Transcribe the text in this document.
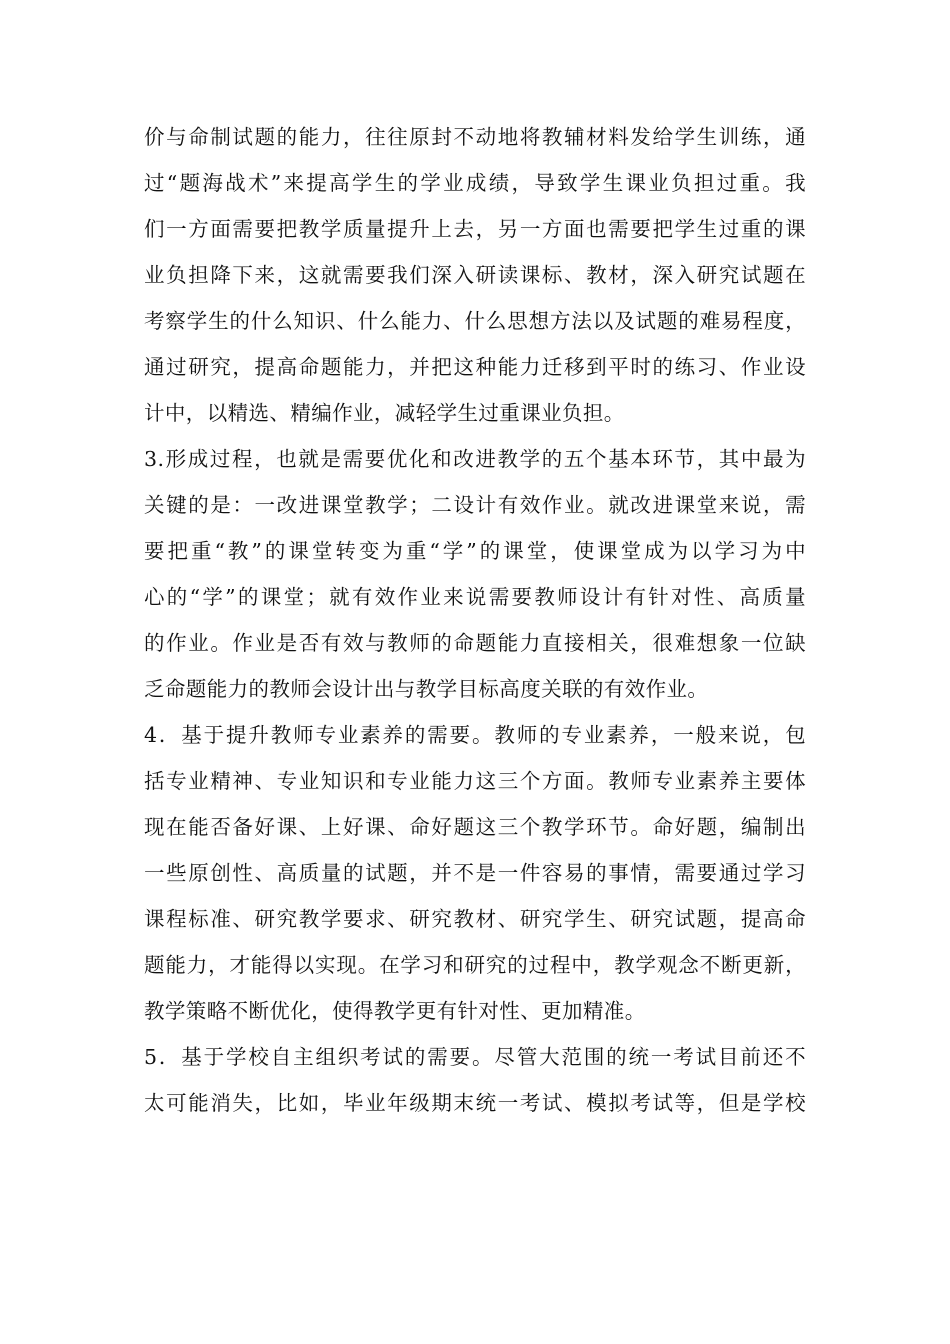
价与命制试题的能力，往往原封不动地将教辅材料发给学生训练，通
过“题海战术”来提高学生的学业成绩，导致学生课业负担过重。我
们一方面需要把教学质量提升上去，另一方面也需要把学生过重的课
业负担降下来，这就需要我们深入研读课标、教材，深入研究试题在
考察学生的什么知识、什么能力、什么思想方法以及试题的难易程度，
通过研究，提高命题能力，并把这种能力迁移到平时的练习、作业设
计中，以精选、精编作业，减轻学生过重课业负担。
3.形成过程，也就是需要优化和改进教学的五个基本环节，其中最为
关键的是：一改进课堂教学；二设计有效作业。就改进课堂来说，需
要把重“教”的课堂转变为重“学”的课堂，使课堂成为以学习为中
心的“学”的课堂；就有效作业来说需要教师设计有针对性、高质量
的作业。作业是否有效与教师的命题能力直接相关，很难想象一位缺
乏命题能力的教师会设计出与教学目标高度关联的有效作业。
4．基于提升教师专业素养的需要。教师的专业素养，一般来说，包
括专业精神、专业知识和专业能力这三个方面。教师专业素养主要体
现在能否备好课、上好课、命好题这三个教学环节。命好题，编制出
一些原创性、高质量的试题，并不是一件容易的事情，需要通过学习
课程标准、研究教学要求、研究教材、研究学生、研究试题，提高命
题能力，才能得以实现。在学习和研究的过程中，教学观念不断更新，
教学策略不断优化，使得教学更有针对性、更加精准。
5．基于学校自主组织考试的需要。尽管大范围的统一考试目前还不
太可能消失，比如，毕业年级期末统一考试、模拟考试等，但是学校
